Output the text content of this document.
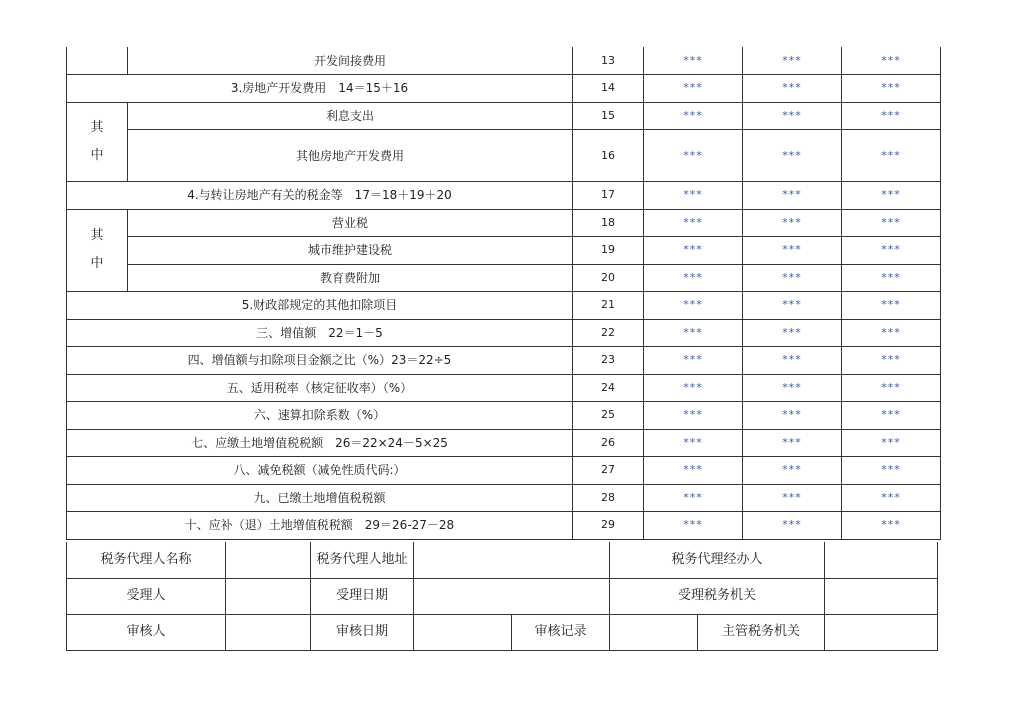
	开发间接费用	13	***	***	***
3.房地产开发费用　14＝15＋16		14	***	***	***
其
中	利息支出	15	***	***	***
	其他房地产开发费用	16	***	***	***
4.与转让房地产有关的税金等　17＝18＋19＋20		17	***	***	***
其
中	营业税	18	***	***	***
	城市维护建设税	19	***	***	***
	教育费附加	20	***	***	***
5.财政部规定的其他扣除项目		21	***	***	***
三、增值额　22＝1－5		22	***	***	***
四、增值额与扣除项目金额之比（%）23＝22÷5		23	***	***	***
五、适用税率（核定征收率）（%）		24	***	***	***
六、速算扣除系数（%）		25	***	***	***
七、应缴土地增值税税额　26＝22×24－5×25		26	***	***	***
八、减免税额（减免性质代码:）		27	***	***	***
九、已缴土地增值税税额		28	***	***	***
十、应补（退）土地增值税税额　29＝26-27－28		29	***	***	***
税务代理人名称		税务代理人地址			税务代理经办人		
受理人		受理日期			受理税务机关		
审核人		审核日期		审核记录		主管税务机关	
